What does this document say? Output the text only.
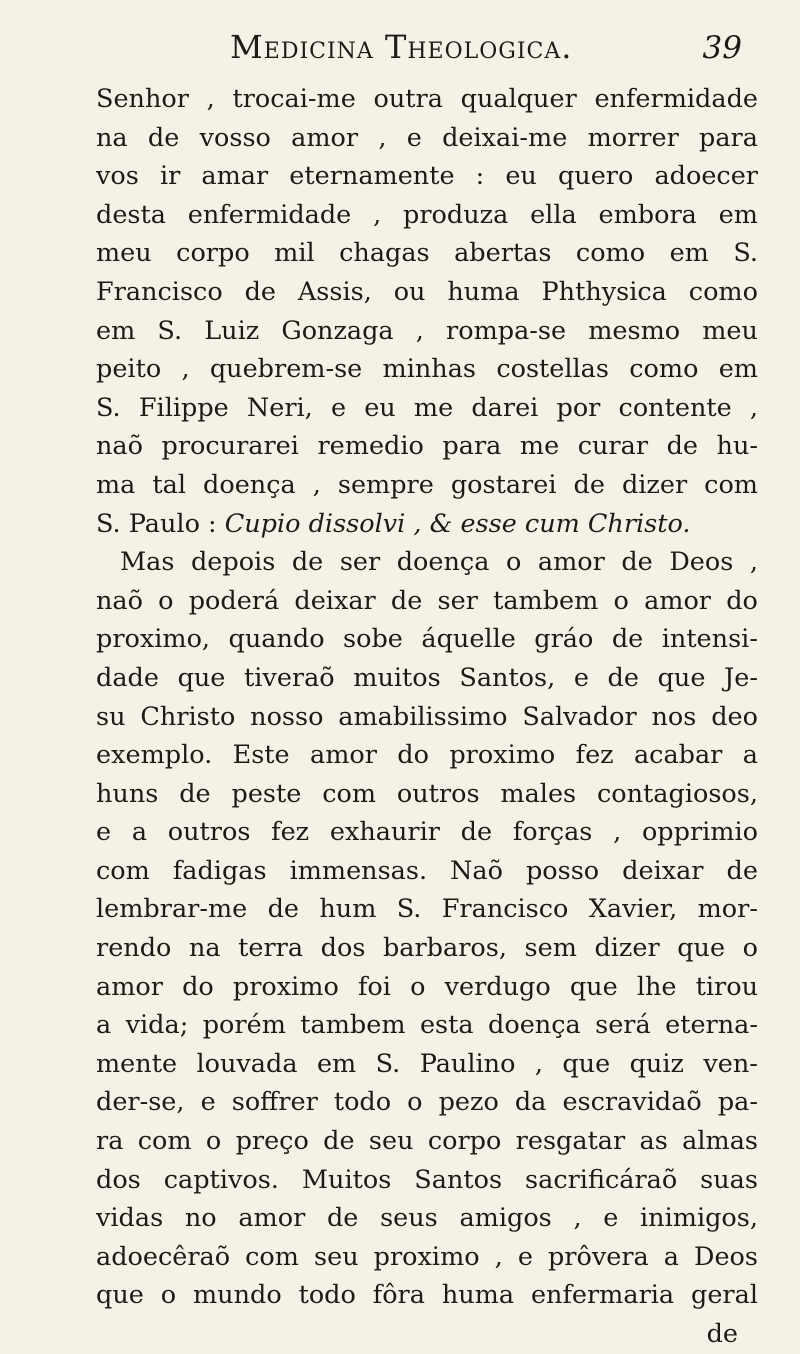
Medicina Theologica.	39
Senhor , trocai-me outra qualquer enfermidade
na de vosso amor , e deixai-me morrer para
vos ir amar eternamente : eu quero adoecer
desta enfermidade , produza ella embora em
meu corpo mil chagas abertas como em S.
Francisco de Assis, ou huma Phthysica como
em S. Luiz Gonzaga , rompa-se mesmo meu
peito , quebrem-se minhas costellas como em
S. Filippe Neri, e eu me darei por contente ,
naõ procurarei remedio para me curar de hu-
ma tal doença , sempre gostarei de dizer com
S. Paulo : Cupio dissolvi , & esse cum Christo.
Mas depois de ser doença o amor de Deos ,
naõ o poderá deixar de ser tambem o amor do
proximo, quando sobe áquelle gráo de intensi-
dade que tiveraõ muitos Santos, e de que Je-
su Christo nosso amabilissimo Salvador nos deo
exemplo. Este amor do proximo fez acabar a
huns de peste com outros males contagiosos,
e a outros fez exhaurir de forças , opprimio
com fadigas immensas. Naõ posso deixar de
lembrar-me de hum S. Francisco Xavier, mor-
rendo na terra dos barbaros, sem dizer que o
amor do proximo foi o verdugo que lhe tirou
a vida; porém tambem esta doença será eterna-
mente louvada em S. Paulino , que quiz ven-
der-se, e soffrer todo o pezo da escravidaõ pa-
ra com o preço de seu corpo resgatar as almas
dos captivos. Muitos Santos sacrificáraõ suas
vidas no amor de seus amigos , e inimigos,
adoecêraõ com seu proximo , e prôvera a Deos
que o mundo todo fôra huma enfermaria geral
de
